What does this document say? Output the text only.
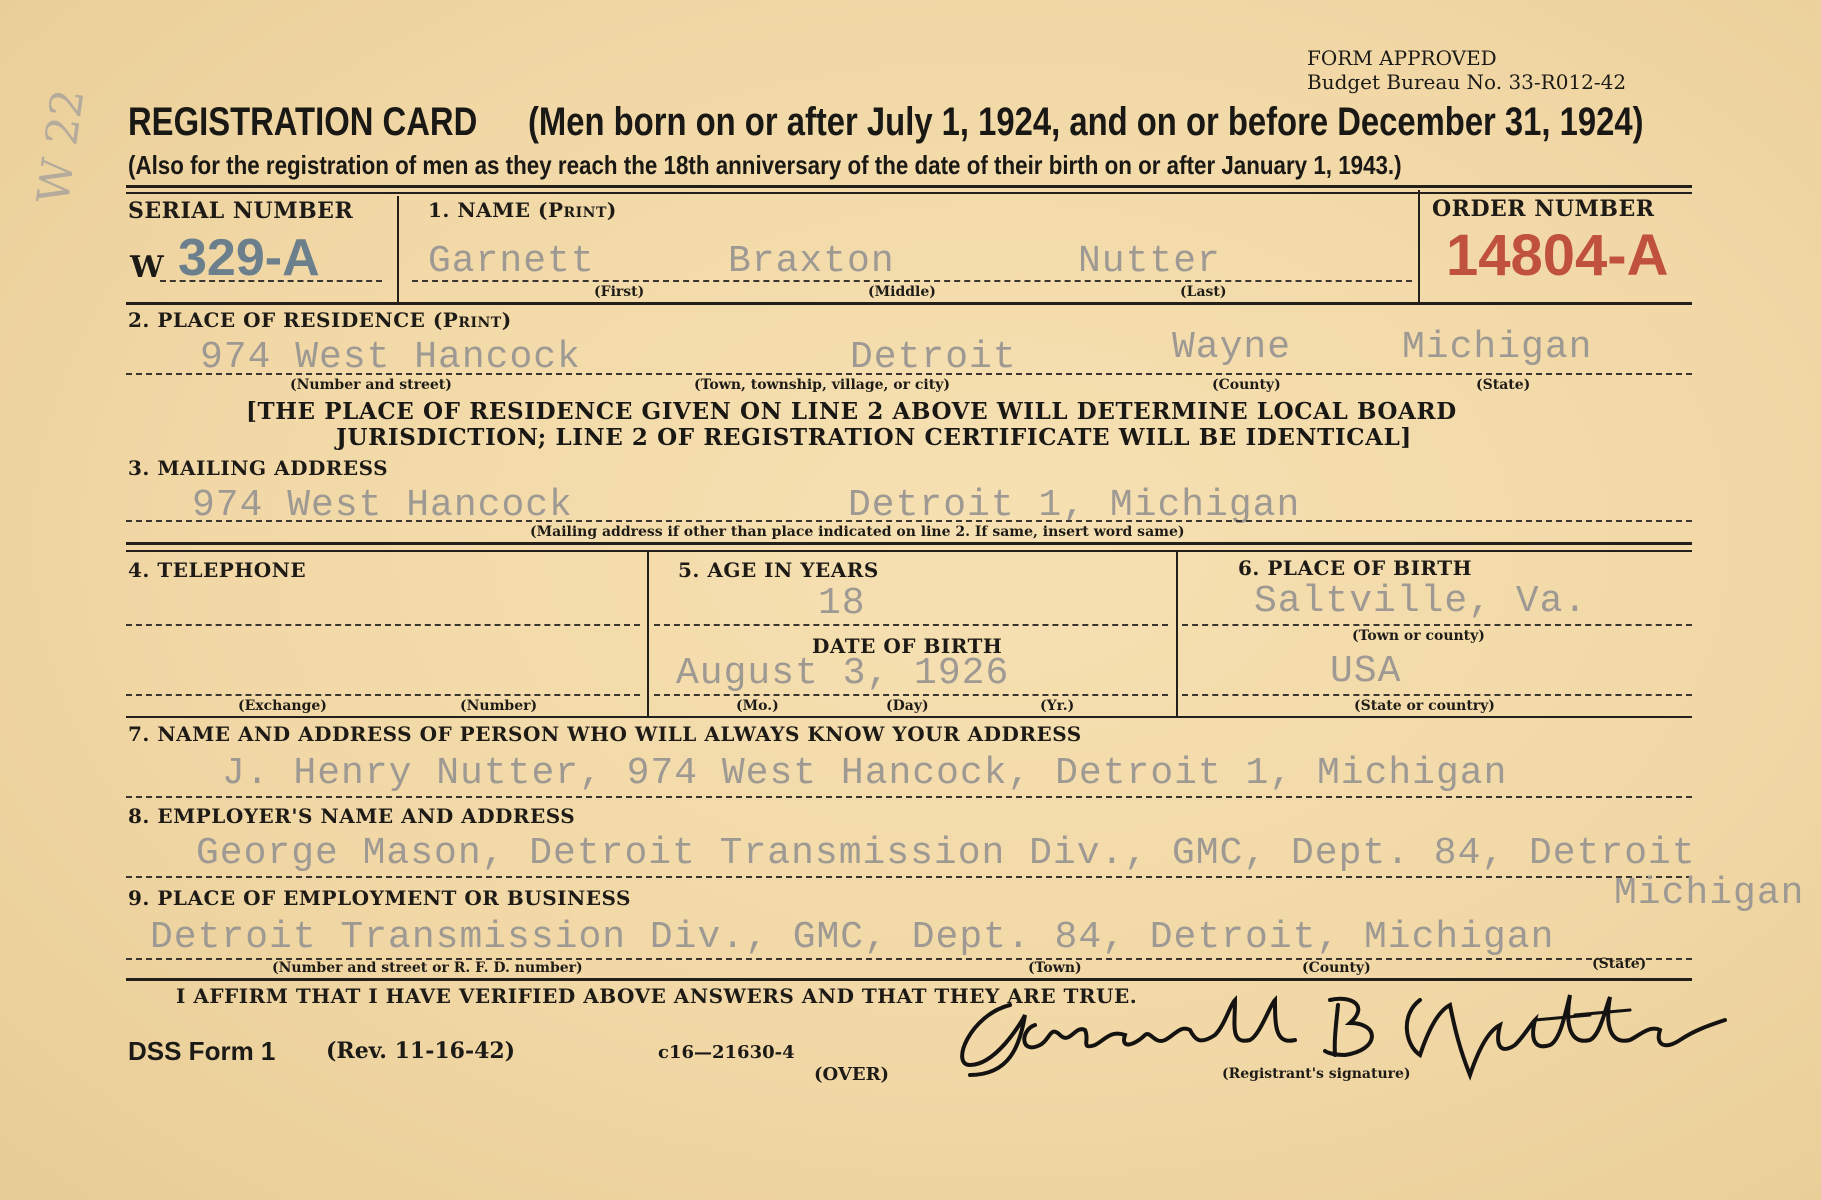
W 22
FORM APPROVED
Budget Bureau No. 33-R012-42
REGISTRATION CARD (Men born on or after July 1, 1924, and on or before December 31, 1924)
(Also for the registration of men as they reach the 18th anniversary of the date of their birth on or after January 1, 1943.)
SERIAL NUMBER
W 329-A
1. NAME (Print)
Garnett	Braxton	Nutter
(First)	(Middle)	(Last)
ORDER NUMBER
14804-A
2. PLACE OF RESIDENCE (Print)
974 West Hancock	Detroit	Wayne	Michigan
(Number and street)	(Town, township, village, or city)	(County)	(State)
[THE PLACE OF RESIDENCE GIVEN ON LINE 2 ABOVE WILL DETERMINE LOCAL BOARD
JURISDICTION; LINE 2 OF REGISTRATION CERTIFICATE WILL BE IDENTICAL]
3. MAILING ADDRESS
974 West Hancock	Detroit 1, Michigan
(Mailing address if other than place indicated on line 2. If same, insert word same)
4. TELEPHONE
(Exchange)	(Number)
5. AGE IN YEARS
18
DATE OF BIRTH
August 3, 1926
(Mo.)	(Day)	(Yr.)
6. PLACE OF BIRTH
Saltville, Va.
(Town or county)
USA
(State or country)
7. NAME AND ADDRESS OF PERSON WHO WILL ALWAYS KNOW YOUR ADDRESS
J. Henry Nutter, 974 West Hancock, Detroit 1, Michigan
8. EMPLOYER'S NAME AND ADDRESS
George Mason, Detroit Transmission Div., GMC, Dept. 84, Detroit
Michigan
9. PLACE OF EMPLOYMENT OR BUSINESS
Detroit Transmission Div., GMC, Dept. 84, Detroit, Michigan
(Number and street or R. F. D. number)	(Town)	(County)	(State)
I AFFIRM THAT I HAVE VERIFIED ABOVE ANSWERS AND THAT THEY ARE TRUE.
DSS Form 1 (Rev. 11-16-42)	c16—21630-4
(OVER)	(Registrant's signature)
